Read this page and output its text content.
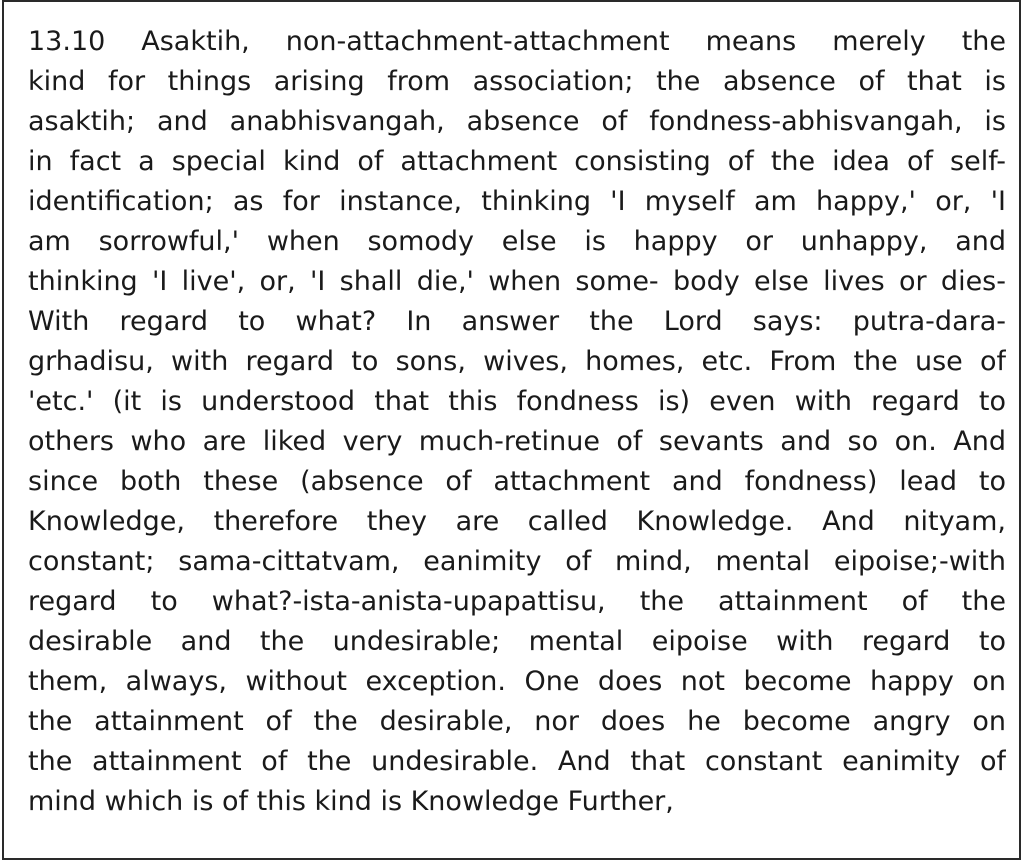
13.10 Asaktih, non-attachment-attachment means merely the
kind for things arising from association; the absence of that is
asaktih; and anabhisvangah, absence of fondness-abhisvangah, is
in fact a special kind of attachment consisting of the idea of self-
identification; as for instance, thinking 'I myself am happy,' or, 'I
am sorrowful,' when somody else is happy or unhappy, and
thinking 'I live', or, 'I shall die,' when some- body else lives or dies-
With regard to what? In answer the Lord says: putra-dara-
grhadisu, with regard to sons, wives, homes, etc. From the use of
'etc.' (it is understood that this fondness is) even with regard to
others who are liked very much-retinue of sevants and so on. And
since both these (absence of attachment and fondness) lead to
Knowledge, therefore they are called Knowledge. And nityam,
constant; sama-cittatvam, eanimity of mind, mental eipoise;-with
regard to what?-ista-anista-upapattisu, the attainment of the
desirable and the undesirable; mental eipoise with regard to
them, always, without exception. One does not become happy on
the attainment of the desirable, nor does he become angry on
the attainment of the undesirable. And that constant eanimity of
mind which is of this kind is Knowledge Further,
